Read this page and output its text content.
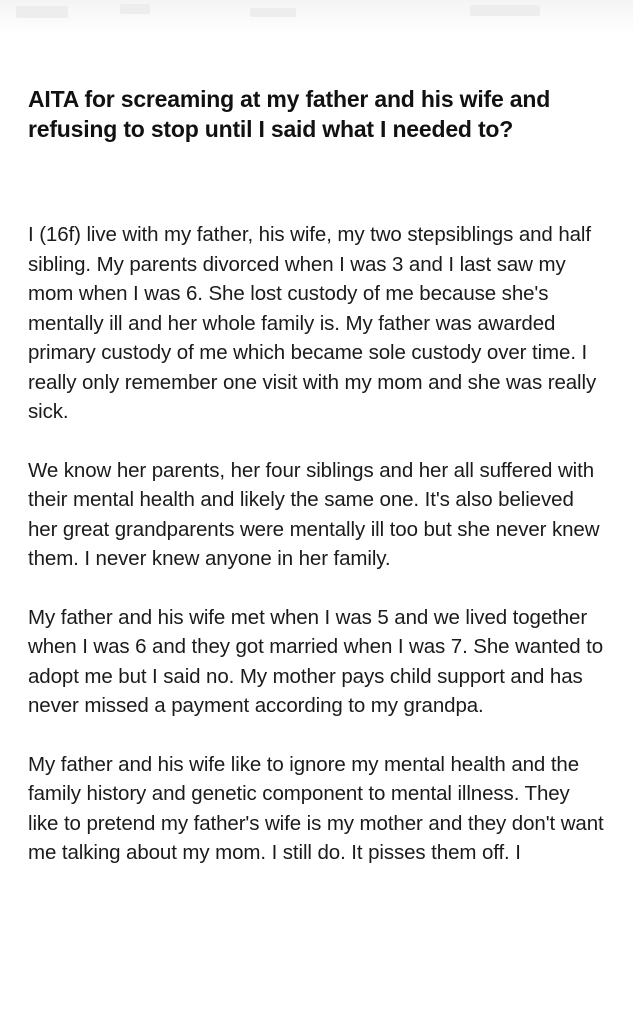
AITA for screaming at my father and his wife and refusing to stop until I said what I needed to?

I (16f) live with my father, his wife, my two stepsiblings and half sibling. My parents divorced when I was 3 and I last saw my mom when I was 6. She lost custody of me because she's mentally ill and her whole family is. My father was awarded primary custody of me which became sole custody over time. I really only remember one visit with my mom and she was really sick.

We know her parents, her four siblings and her all suffered with their mental health and likely the same one. It's also believed her great grandparents were mentally ill too but she never knew them. I never knew anyone in her family.

My father and his wife met when I was 5 and we lived together when I was 6 and they got married when I was 7. She wanted to adopt me but I said no. My mother pays child support and has never missed a payment according to my grandpa.

My father and his wife like to ignore my mental health and the family history and genetic component to mental illness. They like to pretend my father's wife is my mother and they don't want me talking about my mom. I still do. It pisses them off. I
